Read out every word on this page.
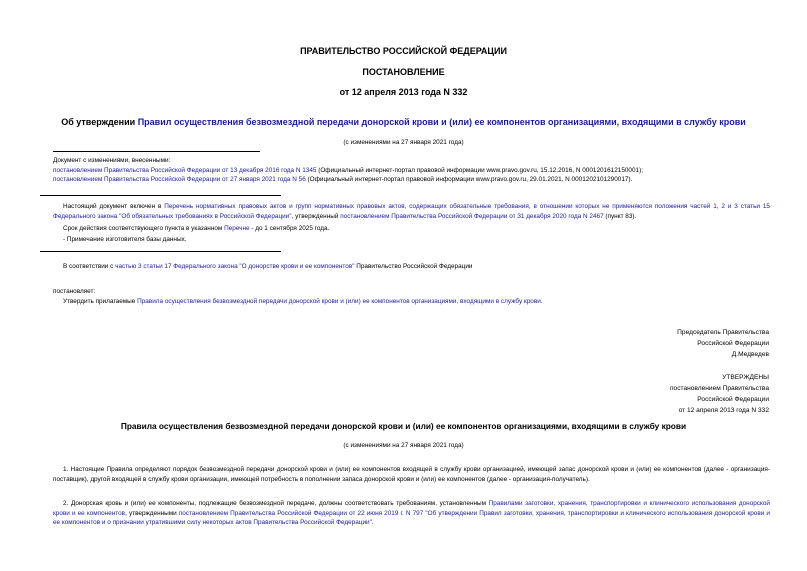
ПРАВИТЕЛЬСТВО РОССИЙСКОЙ ФЕДЕРАЦИИ
ПОСТАНОВЛЕНИЕ
от 12 апреля 2013 года N 332
Об утверждении Правил осуществления безвозмездной передачи донорской крови и (или) ее компонентов организациями, входящими в службу крови
(с изменениями на 27 января 2021 года)
Документ с изменениями, внесенными:
постановлением Правительства Российской Федерации от 13 декабря 2016 года N 1345 (Официальный интернет-портал правовой информации www.pravo.gov.ru, 15.12.2016, N 0001201612150001);
постановлением Правительства Российской Федерации от 27 января 2021 года N 56 (Официальный интернет-портал правовой информации www.pravo.gov.ru, 29.01.2021, N 0001202101290017).
Настоящий документ включен в Перечень нормативных правовых актов и групп нормативных правовых актов, содержащих обязательные требования, в отношении которых не применяются положения частей 1, 2 и 3 статьи 15 Федерального закона "Об обязательных требованиях в Российской Федерации", утвержденный постановлением Правительства Российской Федерации от 31 декабря 2020 года N 2467 (пункт 83).
Срок действия соответствующего пункта в указанном Перечне - до 1 сентября 2025 года.
- Примечание изготовителя базы данных.
В соответствии с частью 3 статьи 17 Федерального закона "О донорстве крови и ее компонентов" Правительство Российской Федерации
постановляет:
Утвердить прилагаемые Правила осуществления безвозмездной передачи донорской крови и (или) ее компонентов организациями, входящими в службу крови.
Председатель Правительства
Российской Федерации
Д.Медведев
УТВЕРЖДЕНЫ
постановлением Правительства
Российской Федерации
от 12 апреля 2013 года N 332
Правила осуществления безвозмездной передачи донорской крови и (или) ее компонентов организациями, входящими в службу крови
(с изменениями на 27 января 2021 года)
1. Настоящие Правила определяют порядок безвозмездной передачи донорской крови и (или) ее компонентов входящей в службу крови организацией, имеющей запас донорской крови и (или) ее компонентов (далее - организация-поставщик), другой входящей в службу крови организации, имеющей потребность в пополнении запаса донорской крови и (или) ее компонентов (далее - организация-получатель).
2. Донорская кровь и (или) ее компоненты, подлежащие безвозмездной передаче, должны соответствовать требованиям, установленным Правилами заготовки, хранения, транспортировки и клинического использования донорской крови и ее компонентов, утвержденными постановлением Правительства Российской Федерации от 22 июня 2019 г. N 797 "Об утверждении Правил заготовки, хранения, транспортировки и клинического использования донорской крови и ее компонентов и о признании утратившими силу некоторых актов Правительства Российской Федерации".
